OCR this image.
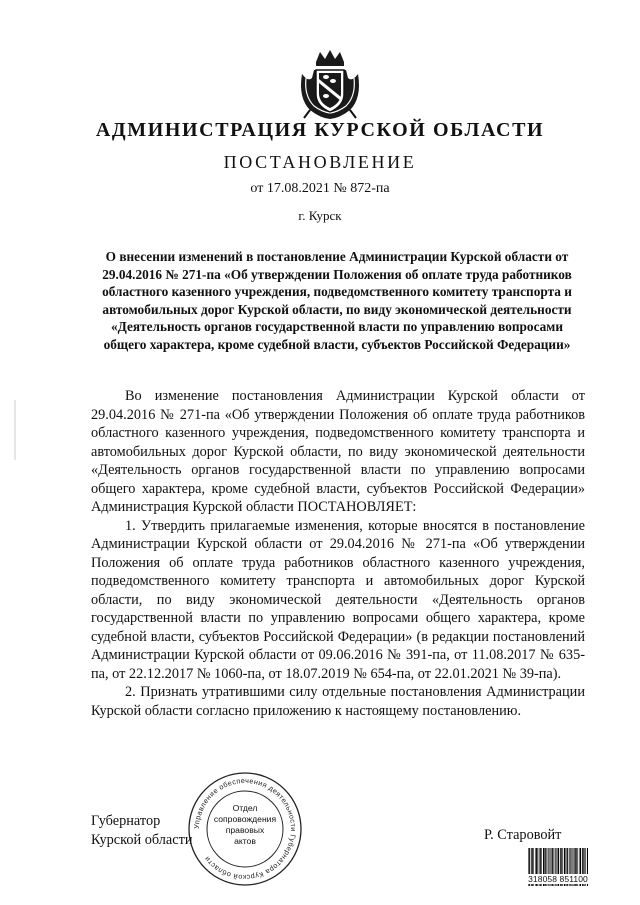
АДМИНИСТРАЦИЯ КУРСКОЙ ОБЛАСТИ
ПОСТАНОВЛЕНИЕ
от 17.08.2021 № 872-па
г. Курск
О внесении изменений в постановление Администрации Курской области от 29.04.2016 № 271-па «Об утверждении Положения об оплате труда работников областного казенного учреждения, подведомственного комитету транспорта и автомобильных дорог Курской области, по виду экономической деятельности «Деятельность органов государственной власти по управлению вопросами общего характера, кроме судебной власти, субъектов Российской Федерации»

Во изменение постановления Администрации Курской области от 29.04.2016 № 271-па «Об утверждении Положения об оплате труда работников областного казенного учреждения, подведомственного комитету транспорта и автомобильных дорог Курской области, по виду экономической деятельности «Деятельность органов государственной власти по управлению вопросами общего характера, кроме судебной власти, субъектов Российской Федерации» Администрация Курской области ПОСТАНОВЛЯЕТ:

1. Утвердить прилагаемые изменения, которые вносятся в постановление Администрации Курской области от 29.04.2016 № 271-па «Об утверждении Положения об оплате труда работников областного казенного учреждения, подведомственного комитету транспорта и автомобильных дорог Курской области, по виду экономической деятельности «Деятельность органов государственной власти по управлению вопросами общего характера, кроме судебной власти, субъектов Российской Федерации» (в редакции постановлений Администрации Курской области от 09.06.2016 № 391-па, от 11.08.2017 № 635-па, от 22.12.2017 № 1060-па, от 18.07.2019 № 654-па, от 22.01.2021 № 39-па).

2. Признать утратившими силу отдельные постановления Администрации Курской области согласно приложению к настоящему постановлению.

Губернатор
Курской области	Р. Старовойт
Управление обеспечения деятельности Губернатора Курской области
Отдел
сопровождения
правовых
актов
318058 851100
